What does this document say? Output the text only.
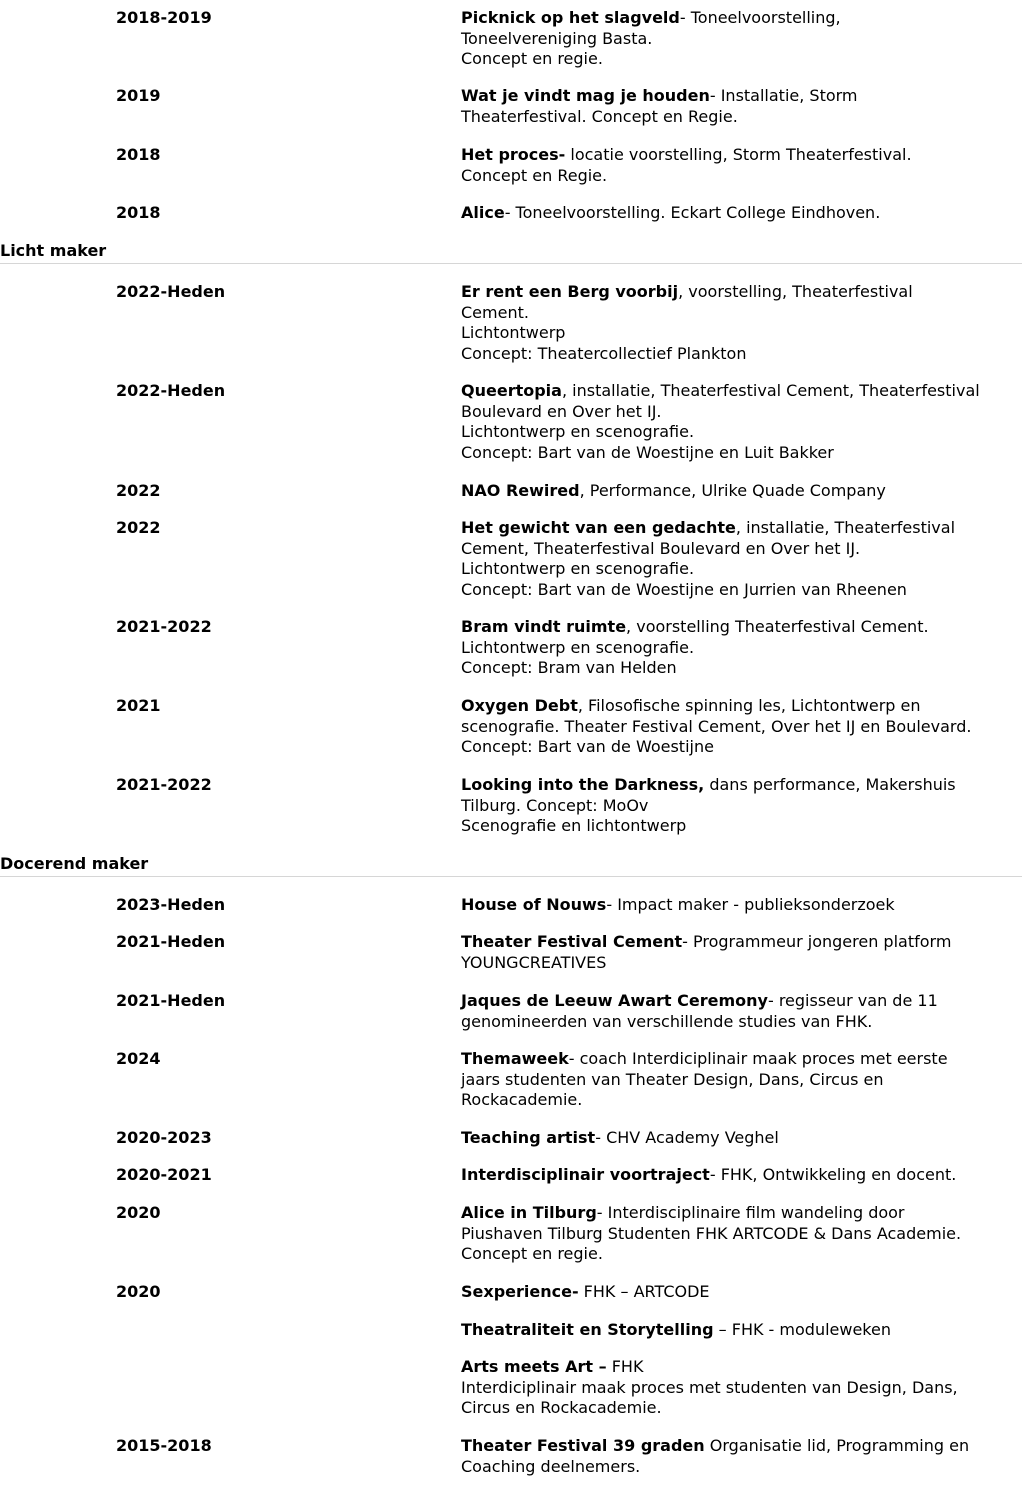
2018-2019	Picknick op het slagveld- Toneelvoorstelling,
Toneelvereniging Basta.
Concept en regie.
2019	Wat je vindt mag je houden- Installatie, Storm
Theaterfestival. Concept en Regie.
2018	Het proces- locatie voorstelling, Storm Theaterfestival.
Concept en Regie.
2018	Alice- Toneelvoorstelling. Eckart College Eindhoven.
Licht maker
2022-Heden	Er rent een Berg voorbij, voorstelling, Theaterfestival
Cement.
Lichtontwerp
Concept: Theatercollectief Plankton
2022-Heden	Queertopia, installatie, Theaterfestival Cement, Theaterfestival
Boulevard en Over het IJ.
Lichtontwerp en scenografie.
Concept: Bart van de Woestijne en Luit Bakker
2022	NAO Rewired, Performance, Ulrike Quade Company
2022	Het gewicht van een gedachte, installatie, Theaterfestival
Cement, Theaterfestival Boulevard en Over het IJ.
Lichtontwerp en scenografie.
Concept: Bart van de Woestijne en Jurrien van Rheenen
2021-2022	Bram vindt ruimte, voorstelling Theaterfestival Cement.
Lichtontwerp en scenografie.
Concept: Bram van Helden
2021	Oxygen Debt, Filosofische spinning les, Lichtontwerp en
scenografie. Theater Festival Cement, Over het IJ en Boulevard.
Concept: Bart van de Woestijne
2021-2022	Looking into the Darkness, dans performance, Makershuis
Tilburg. Concept: MoOv
Scenografie en lichtontwerp
Docerend maker
2023-Heden	House of Nouws- Impact maker - publieksonderzoek
2021-Heden	Theater Festival Cement- Programmeur jongeren platform
YOUNGCREATIVES
2021-Heden	Jaques de Leeuw Awart Ceremony- regisseur van de 11
genomineerden van verschillende studies van FHK.
2024	Themaweek- coach Interdiciplinair maak proces met eerste
jaars studenten van Theater Design, Dans, Circus en
Rockacademie.
2020-2023	Teaching artist- CHV Academy Veghel
2020-2021	Interdisciplinair voortraject- FHK, Ontwikkeling en docent.
2020	Alice in Tilburg- Interdisciplinaire film wandeling door
Piushaven Tilburg Studenten FHK ARTCODE & Dans Academie.
Concept en regie.
2020	Sexperience- FHK – ARTCODE
Theatraliteit en Storytelling – FHK - moduleweken
Arts meets Art – FHK
Interdiciplinair maak proces met studenten van Design, Dans,
Circus en Rockacademie.
2015-2018	Theater Festival 39 graden Organisatie lid, Programming en
Coaching deelnemers.
